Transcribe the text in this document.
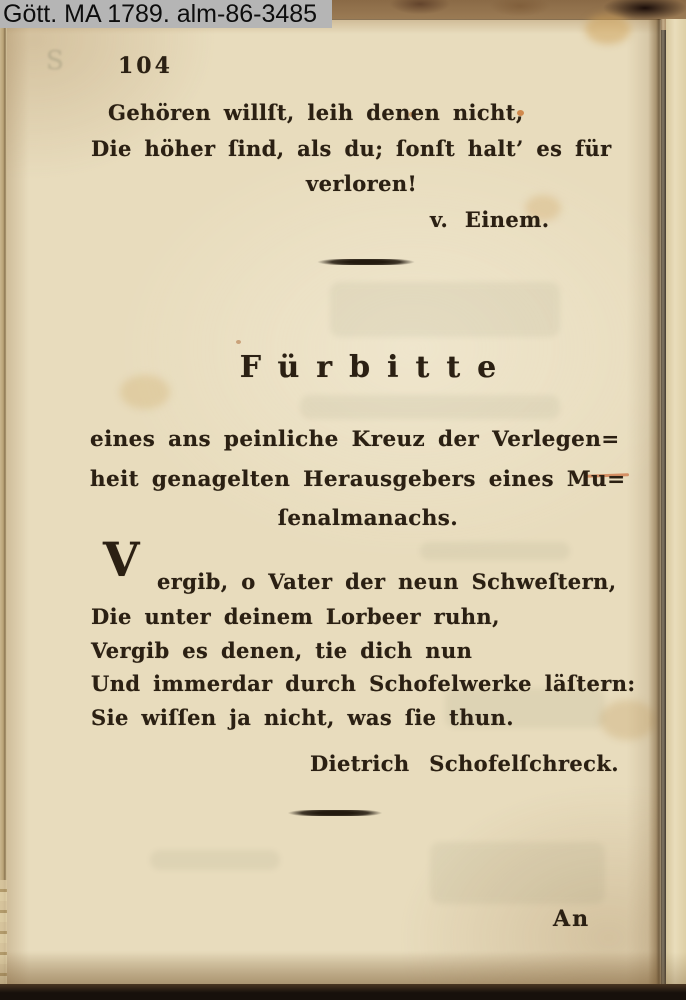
S 104
Gehören willſt, leih denen nicht,
Die höher ſind, als du; ſonſt halt’ es für
verloren!
v. Einem.
Fürbitte
eines ans peinliche Kreuz der Verlegen=
heit genagelten Herausgebers eines Mu=
ſenalmanachs.
V ergib, o Vater der neun Schweſtern,
Die unter deinem Lorbeer ruhn,
Vergib es denen, tie dich nun
Und immerdar durch Schofelwerke läſtern:
Sie wiſſen ja nicht, was ſie thun.
Dietrich Schofelſchreck.
An
Gött. MA 1789. alm-86-3485
